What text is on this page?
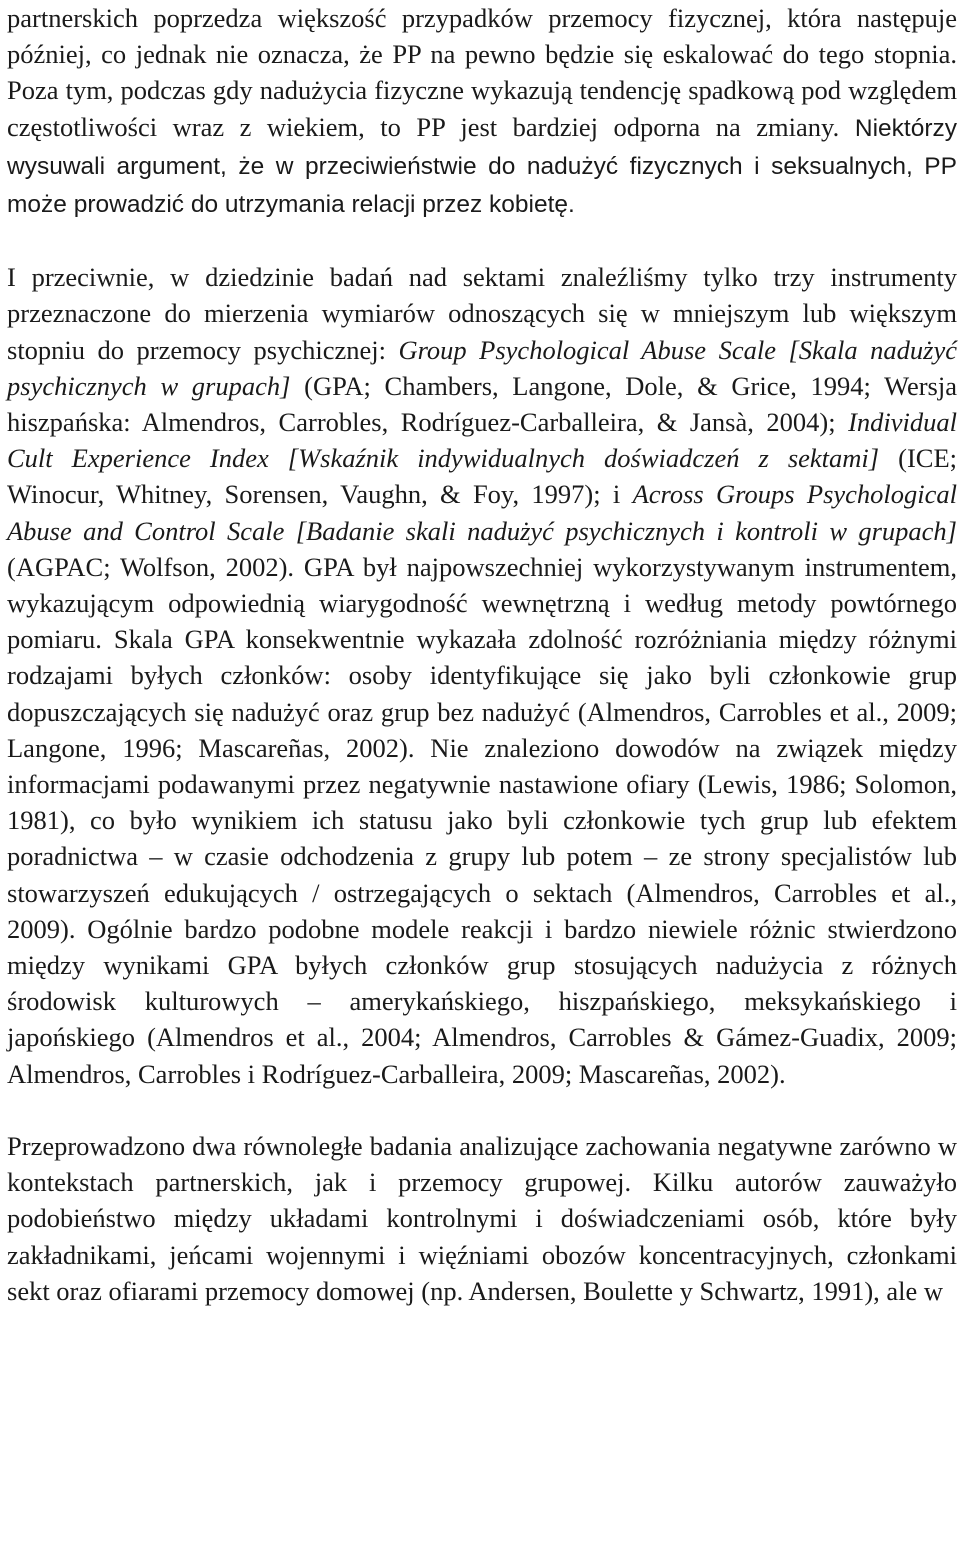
partnerskich poprzedza większość przypadków przemocy fizycznej, która następuje później, co jednak nie oznacza, że PP na pewno będzie się eskalować do tego stopnia. Poza tym, podczas gdy nadużycia fizyczne wykazują tendencję spadkową pod względem częstotliwości wraz z wiekiem, to PP jest bardziej odporna na zmiany. Niektórzy wysuwali argument, że w przeciwieństwie do nadużyć fizycznych i seksualnych, PP może prowadzić do utrzymania relacji przez kobietę.

I przeciwnie, w dziedzinie badań nad sektami znaleźliśmy tylko trzy instrumenty przeznaczone do mierzenia wymiarów odnoszących się w mniejszym lub większym stopniu do przemocy psychicznej: Group Psychological Abuse Scale [Skala nadużyć psychicznych w grupach] (GPA; Chambers, Langone, Dole, & Grice, 1994; Wersja hiszpańska: Almendros, Carrobles, Rodríguez-Carballeira, & Jansà, 2004); Individual Cult Experience Index [Wskaźnik indywidualnych doświadczeń z sektami] (ICE; Winocur, Whitney, Sorensen, Vaughn, & Foy, 1997); i Across Groups Psychological Abuse and Control Scale [Badanie skali nadużyć psychicznych i kontroli w grupach] (AGPAC; Wolfson, 2002). GPA był najpowszechniej wykorzystywanym instrumentem, wykazującym odpowiednią wiarygodność wewnętrzną i według metody powtórnego pomiaru. Skala GPA konsekwentnie wykazała zdolność rozróżniania między różnymi rodzajami byłych członków: osoby identyfikujące się jako byli członkowie grup dopuszczających się nadużyć oraz grup bez nadużyć (Almendros, Carrobles et al., 2009; Langone, 1996; Mascareñas, 2002). Nie znaleziono dowodów na związek między informacjami podawanymi przez negatywnie nastawione ofiary (Lewis, 1986; Solomon, 1981), co było wynikiem ich statusu jako byli członkowie tych grup lub efektem poradnictwa – w czasie odchodzenia z grupy lub potem – ze strony specjalistów lub stowarzyszeń edukujących / ostrzegających o sektach (Almendros, Carrobles et al., 2009). Ogólnie bardzo podobne modele reakcji i bardzo niewiele różnic stwierdzono między wynikami GPA byłych członków grup stosujących nadużycia z różnych środowisk kulturowych – amerykańskiego, hiszpańskiego, meksykańskiego i japońskiego (Almendros et al., 2004; Almendros, Carrobles & Gámez-Guadix, 2009; Almendros, Carrobles i Rodríguez-Carballeira, 2009; Mascareñas, 2002).

Przeprowadzono dwa równoległe badania analizujące zachowania negatywne zarówno w kontekstach partnerskich, jak i przemocy grupowej. Kilku autorów zauważyło podobieństwo między układami kontrolnymi i doświadczeniami osób, które były zakładnikami, jeńcami wojennymi i więźniami obozów koncentracyjnych, członkami sekt oraz ofiarami przemocy domowej (np. Andersen, Boulette y Schwartz, 1991), ale w
